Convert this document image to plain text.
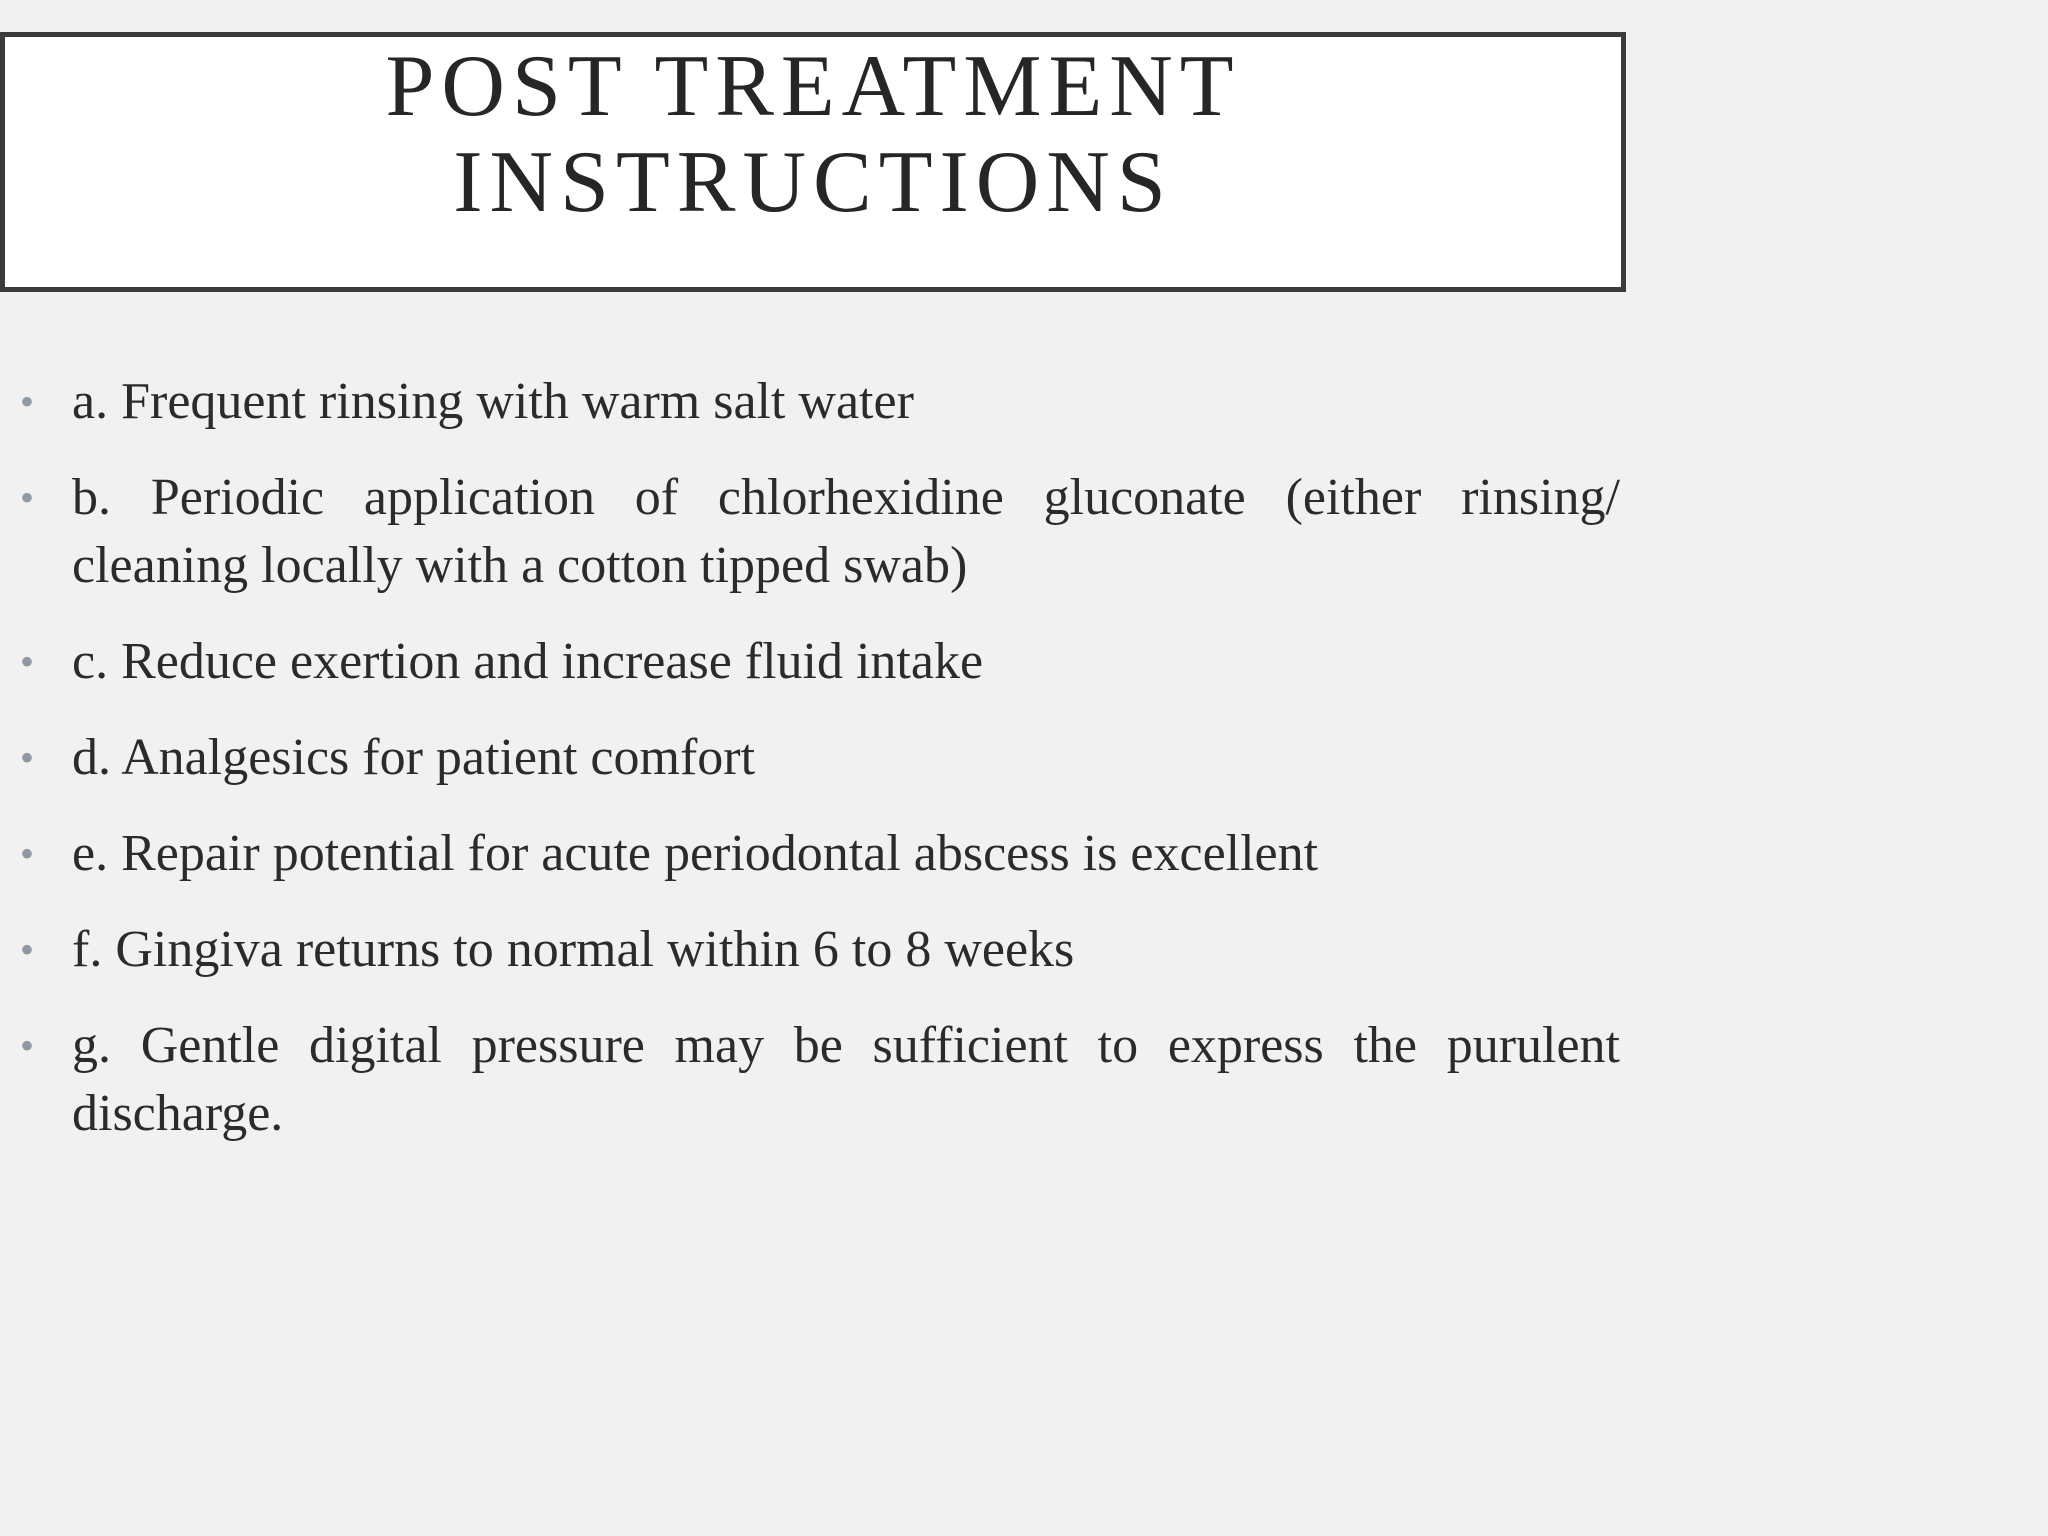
POST TREATMENT
INSTRUCTIONS
• a. Frequent rinsing with warm salt water
• b. Periodic application of chlorhexidine gluconate (either rinsing/ cleaning locally with a cotton tipped swab)
• c. Reduce exertion and increase fluid intake
• d. Analgesics for patient comfort
• e. Repair potential for acute periodontal abscess is excellent
• f. Gingiva returns to normal within 6 to 8 weeks
• g. Gentle digital pressure may be sufficient to express the purulent discharge.
